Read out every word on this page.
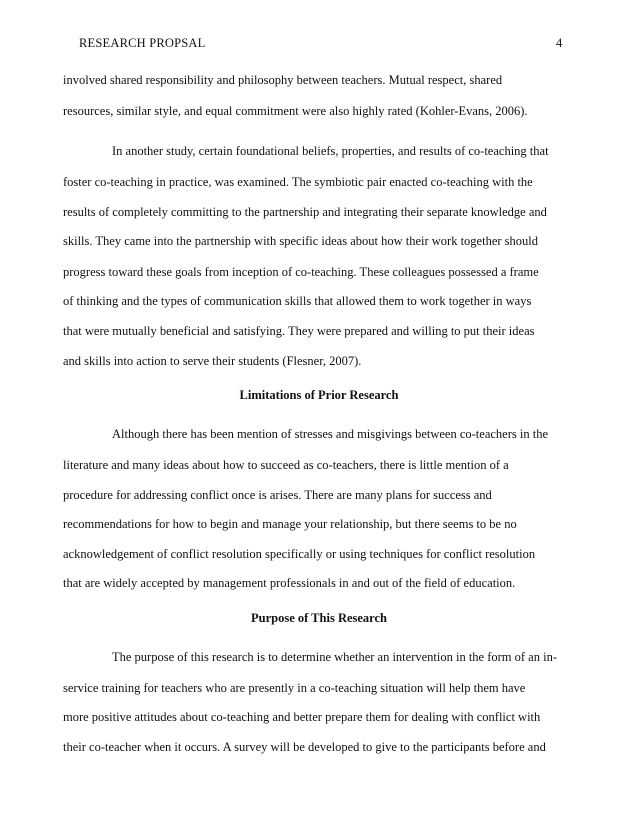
RESEARCH PROPSAL	4
involved shared responsibility and philosophy between teachers. Mutual respect, shared
resources, similar style, and equal commitment were also highly rated (Kohler-Evans, 2006).
In another study, certain foundational beliefs, properties, and results of co-teaching that
foster co-teaching in practice, was examined. The symbiotic pair enacted co-teaching with the
results of completely committing to the partnership and integrating their separate knowledge and
skills. They came into the partnership with specific ideas about how their work together should
progress toward these goals from inception of co-teaching. These colleagues possessed a frame
of thinking and the types of communication skills that allowed them to work together in ways
that were mutually beneficial and satisfying. They were prepared and willing to put their ideas
and skills into action to serve their students (Flesner, 2007).
Limitations of Prior Research
Although there has been mention of stresses and misgivings between co-teachers in the
literature and many ideas about how to succeed as co-teachers, there is little mention of a
procedure for addressing conflict once is arises. There are many plans for success and
recommendations for how to begin and manage your relationship, but there seems to be no
acknowledgement of conflict resolution specifically or using techniques for conflict resolution
that are widely accepted by management professionals in and out of the field of education.
Purpose of This Research
The purpose of this research is to determine whether an intervention in the form of an in-
service training for teachers who are presently in a co-teaching situation will help them have
more positive attitudes about co-teaching and better prepare them for dealing with conflict with
their co-teacher when it occurs. A survey will be developed to give to the participants before and
